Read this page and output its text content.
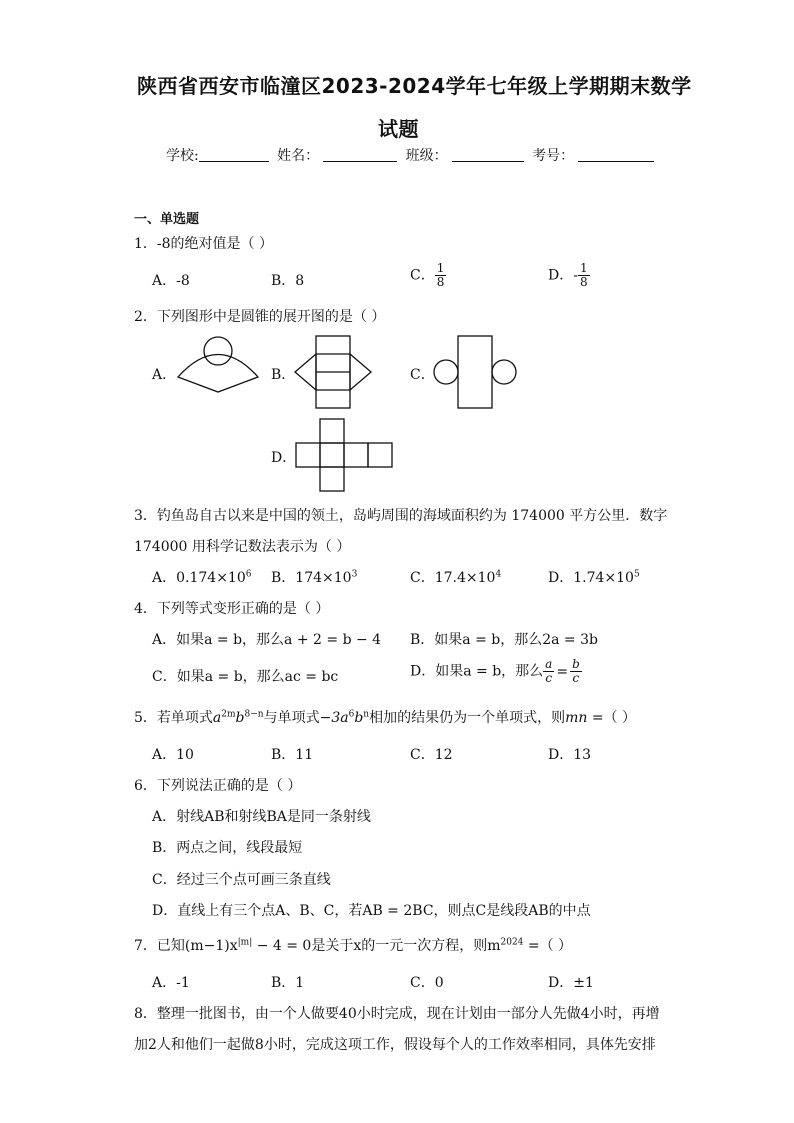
陕西省西安市临潼区2023-2024学年七年级上学期期末数学
试题
学校:	姓名：	班级：	考号：
一、单选题
1．-8的绝对值是（ ）
A．-8	B．8	C． $\frac{1}{8}$	D．- $\frac{1}{8}$
2．下列图形中是圆锥的展开图的是（ ）
A．	B．	C．
D．
3．钓鱼岛自古以来是中国的领土，岛屿周围的海域面积约为 174000 平方公里．数字
174000 用科学记数法表示为（ ）
A．$0.174\times 10^6$ B．$174\times 10^3$	C．$17.4\times 10^4$	D．$1.74\times 10^5$
4．下列等式变形正确的是（ ）
A．如果a = b，那么a + 2 = b − 4 B．如果a = b，那么2a = 3b
C．如果a = b，那么ac = bc	D．如果a = b，那么 $\frac{a}{c} = \frac{b}{c}$
5．若单项式$a^{2m}b^{8-n}$与单项式$-3a^6b^n$相加的结果仍为一个单项式，则mn =（ ）
A．10	B．11	C．12	D．13
6．下列说法正确的是（ ）
A．射线AB和射线BA是同一条射线
B．两点之间，线段最短
C．经过三个点可画三条直线
D．直线上有三个点A、B、C，若AB = 2BC，则点C是线段AB的中点
7．已知$(m-1)x^{|m|} - 4 = 0$是关于x的一元一次方程，则$m^{2024}$ =（ ）
A．-1	B．1	C．0	D．±1
8．整理一批图书，由一个人做要40小时完成，现在计划由一部分人先做4小时，再增
加2人和他们一起做8小时，完成这项工作，假设每个人的工作效率相同，具体先安排
